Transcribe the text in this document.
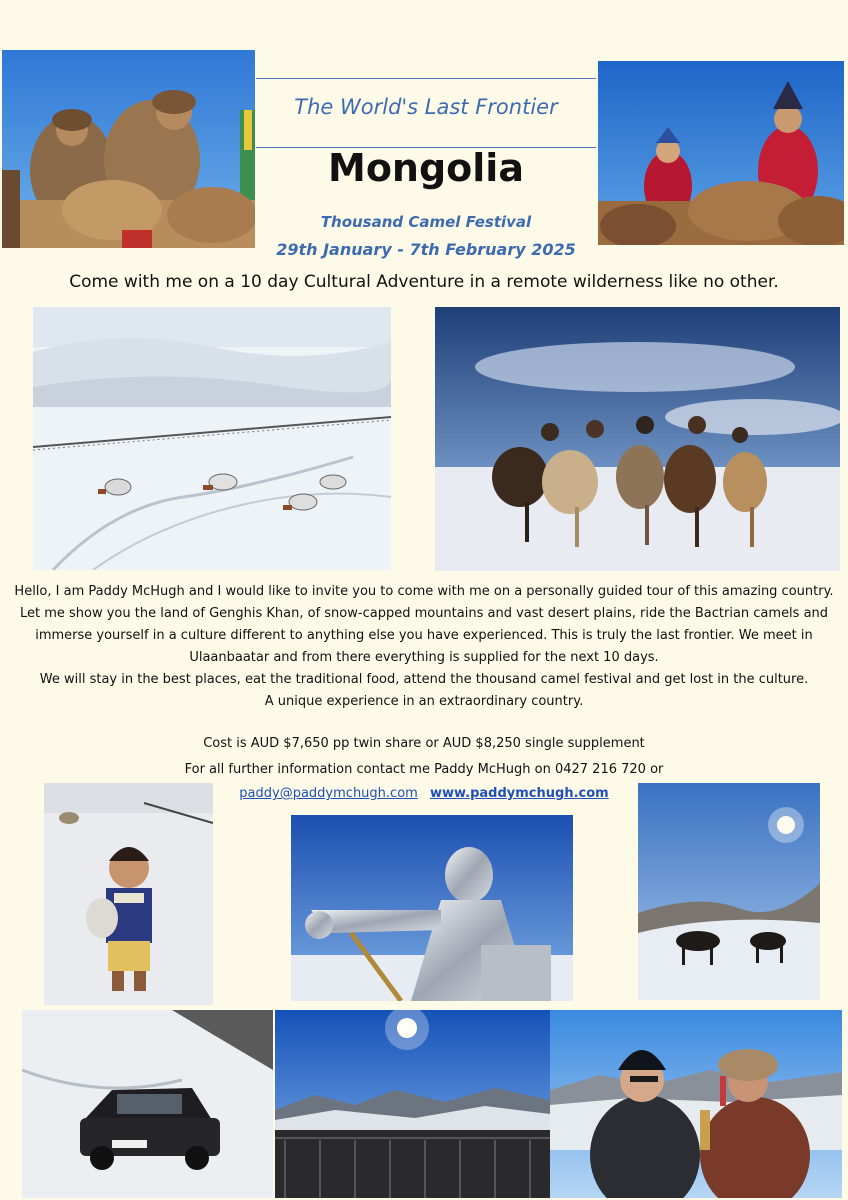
The World's Last Frontier
Mongolia
Thousand Camel Festival
29th January - 7th February 2025
Come with me on a 10 day Cultural Adventure in a remote wilderness like no other.

Hello, I am Paddy McHugh and I would like to invite you to come with me on a personally guided tour of this amazing country. Let me show you the land of Genghis Khan, of snow-capped mountains and vast desert plains, ride the Bactrian camels and immerse yourself in a culture different to anything else you have experienced. This is truly the last frontier. We meet in Ulaanbaatar and from there everything is supplied for the next 10 days.

We will stay in the best places, eat the traditional food, attend the thousand camel festival and get lost in the culture.

A unique experience in an extraordinary country.

Cost is AUD $7,650 pp twin share or AUD $8,250 single supplement
For all further information contact me Paddy McHugh on 0427 216 720 or
paddy@paddymchugh.com www.paddymchugh.com
